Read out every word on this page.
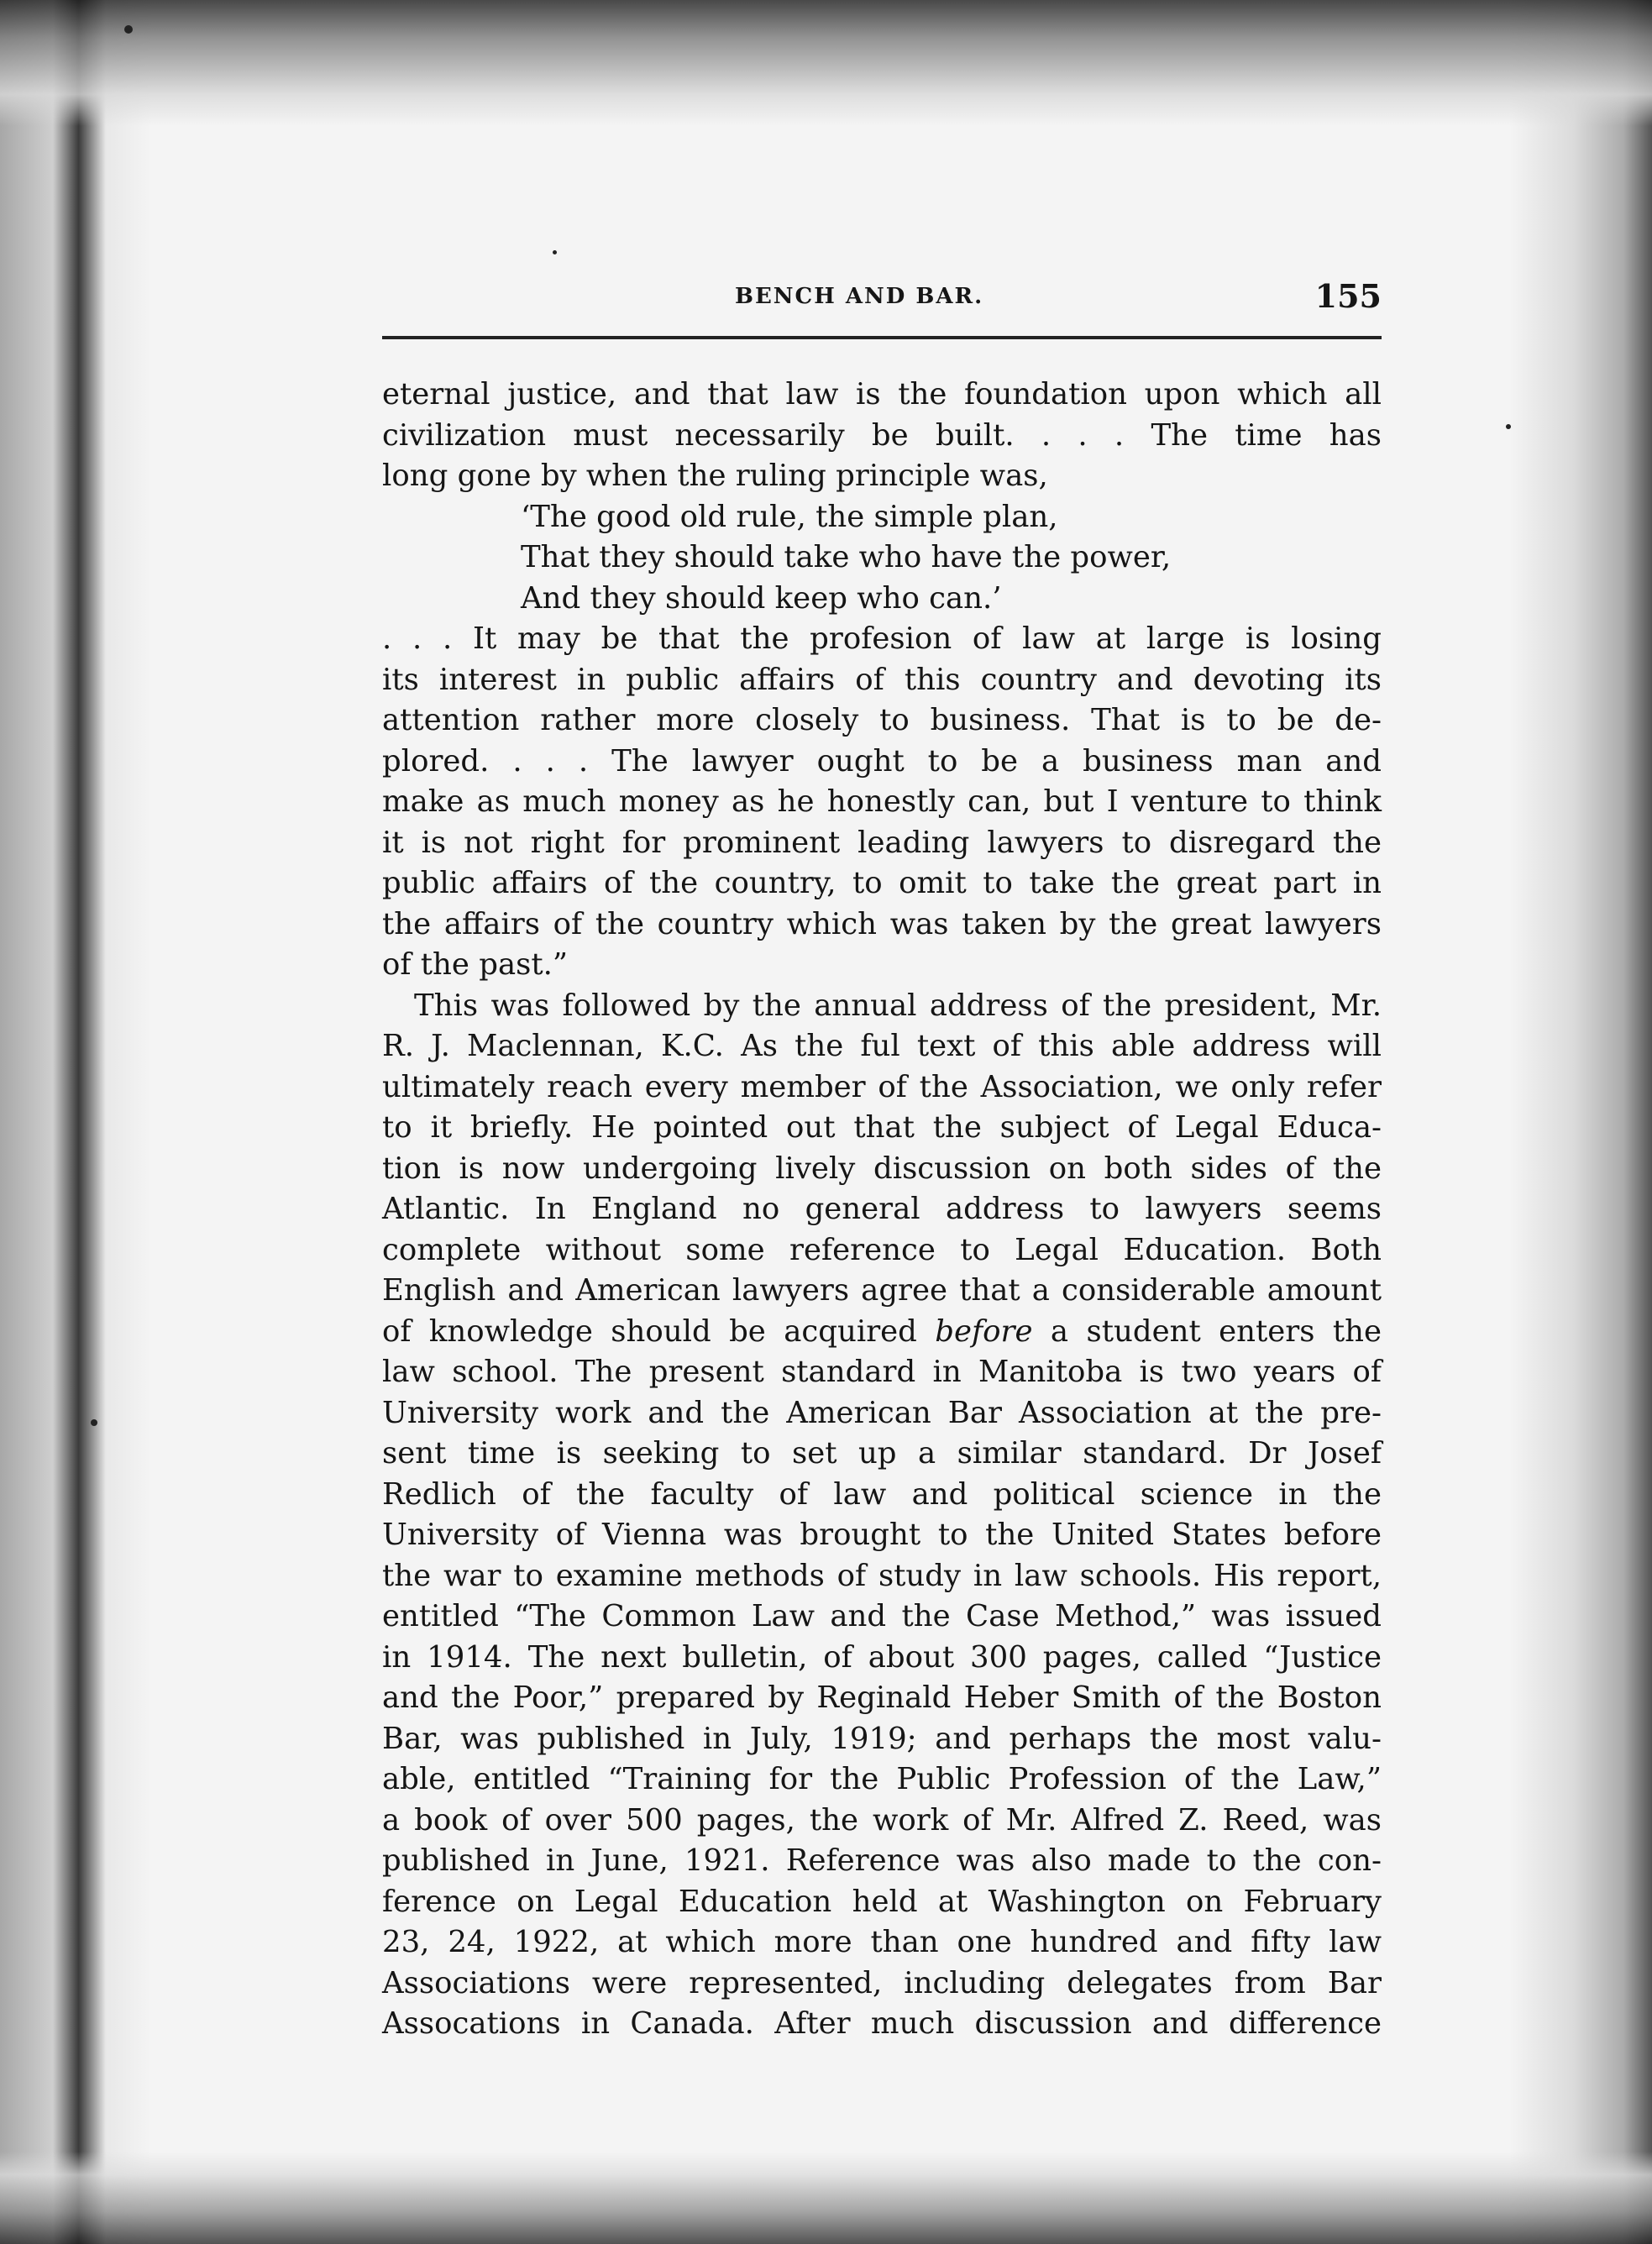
BENCH AND BAR.	155
eternal justice, and that law is the foundation upon which all
civilization must necessarily be built. . . . The time has
long gone by when the ruling principle was,
‘The good old rule, the simple plan,
That they should take who have the power,
And they should keep who can.’
. . . It may be that the profesion of law at large is losing
its interest in public affairs of this country and devoting its
attention rather more closely to business. That is to be de-
plored. . . . The lawyer ought to be a business man and
make as much money as he honestly can, but I venture to think
it is not right for prominent leading lawyers to disregard the
public affairs of the country, to omit to take the great part in
the affairs of the country which was taken by the great lawyers
of the past.”
This was followed by the annual address of the president, Mr.
R. J. Maclennan, K.C. As the ful text of this able address will
ultimately reach every member of the Association, we only refer
to it briefly. He pointed out that the subject of Legal Educa-
tion is now undergoing lively discussion on both sides of the
Atlantic. In England no general address to lawyers seems
complete without some reference to Legal Education. Both
English and American lawyers agree that a considerable amount
of knowledge should be acquired before a student enters the
law school. The present standard in Manitoba is two years of
University work and the American Bar Association at the pre-
sent time is seeking to set up a similar standard. Dr Josef
Redlich of the faculty of law and political science in the
University of Vienna was brought to the United States before
the war to examine methods of study in law schools. His report,
entitled “The Common Law and the Case Method,” was issued
in 1914. The next bulletin, of about 300 pages, called “Justice
and the Poor,” prepared by Reginald Heber Smith of the Boston
Bar, was published in July, 1919; and perhaps the most valu-
able, entitled “Training for the Public Profession of the Law,”
a book of over 500 pages, the work of Mr. Alfred Z. Reed, was
published in June, 1921. Reference was also made to the con-
ference on Legal Education held at Washington on February
23, 24, 1922, at which more than one hundred and fifty law
Associations were represented, including delegates from Bar
Assocations in Canada. After much discussion and difference
